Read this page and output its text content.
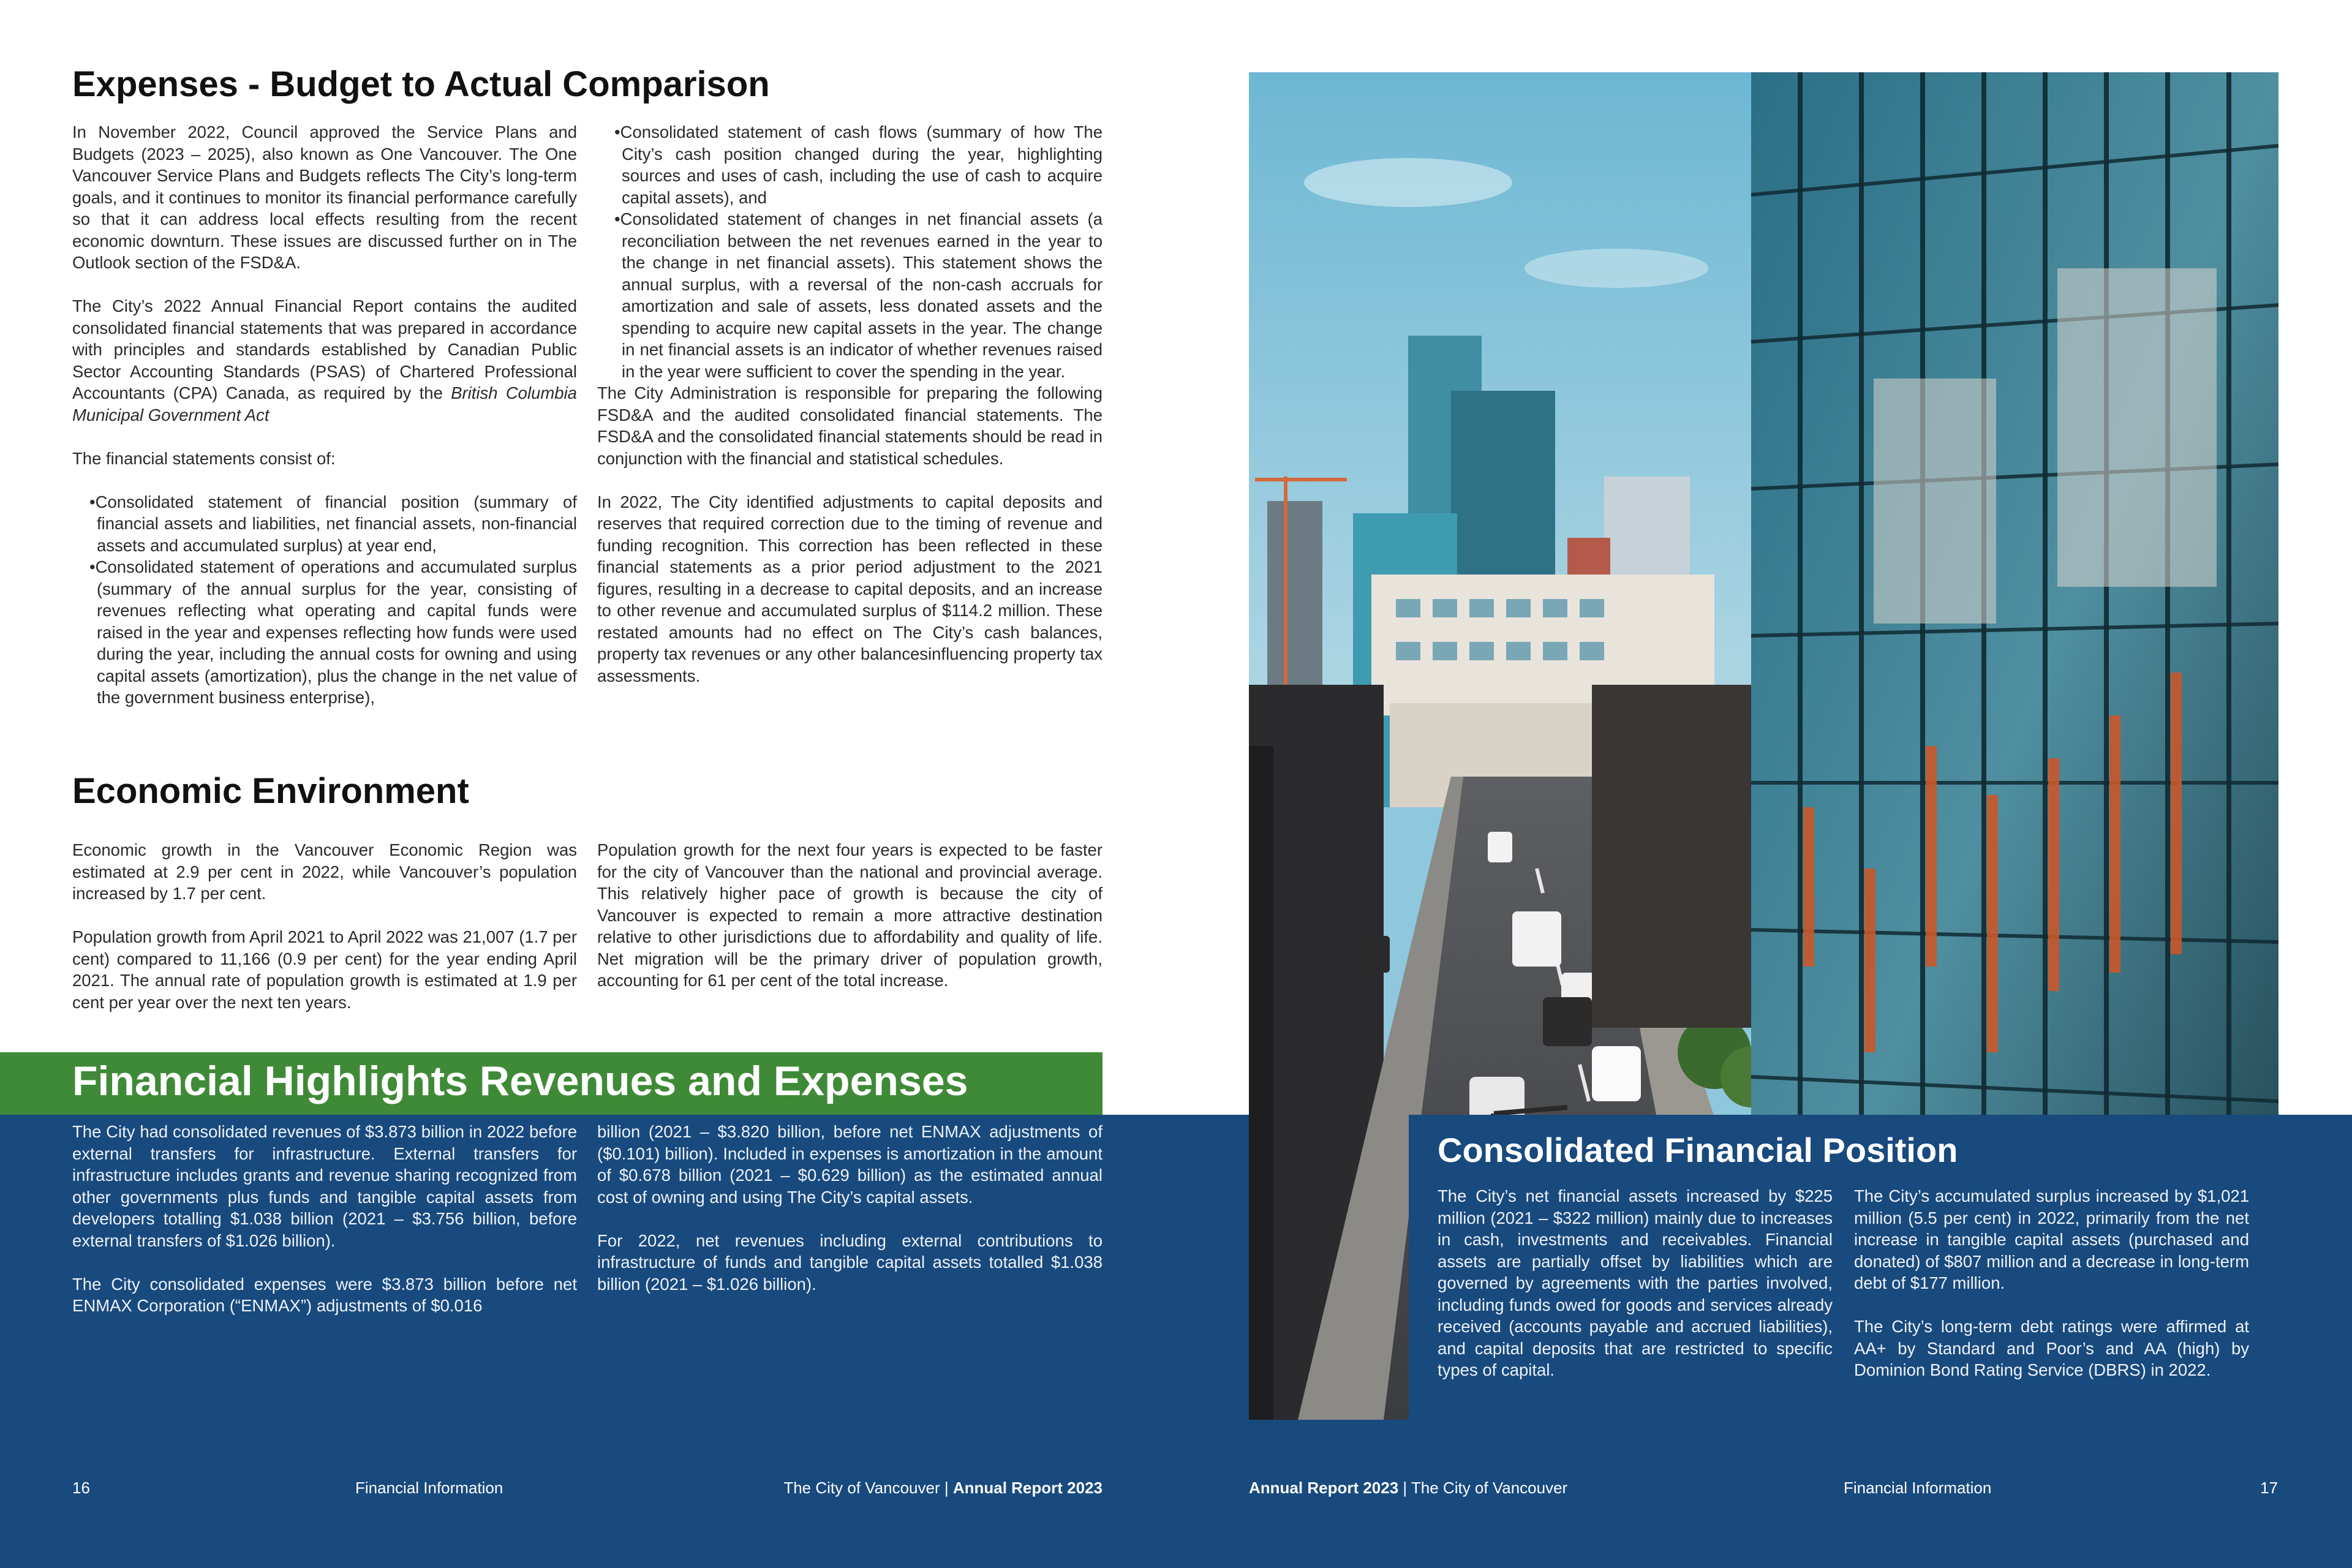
Expenses - Budget to Actual Comparison

In November 2022, Council approved the Service Plans and Budgets (2023 – 2025), also known as One Vancouver. The One Vancouver Service Plans and Budgets reflects The City’s long-term goals, and it continues to monitor its financial performance carefully so that it can address local effects resulting from the recent economic downturn. These issues are discussed further on in The Outlook section of the FSD&A.

The City’s 2022 Annual Financial Report contains the audited consolidated financial statements that was prepared in accordance with principles and standards established by Canadian Public Sector Accounting Standards (PSAS) of Chartered Professional Accountants (CPA) Canada, as required by the British Columbia Municipal Government Act

The financial statements consist of:

• Consolidated statement of financial position (summary of financial assets and liabilities, net financial assets, non-financial assets and accumulated surplus) at year end,

• Consolidated statement of operations and accumulated surplus (summary of the annual surplus for the year, consisting of revenues reflecting what operating and capital funds were raised in the year and expenses reflecting how funds were used during the year, including the annual costs for owning and using capital assets (amortization), plus the change in the net value of the government business enterprise),

• Consolidated statement of cash flows (summary of how The City’s cash position changed during the year, highlighting sources and uses of cash, including the use of cash to acquire capital assets), and

• Consolidated statement of changes in net financial assets (a reconciliation between the net revenues earned in the year to the change in net financial assets). This statement shows the annual surplus, with a reversal of the non-cash accruals for amortization and sale of assets, less donated assets and the spending to acquire new capital assets in the year. The change in net financial assets is an indicator of whether revenues raised in the year were sufficient to cover the spending in the year.

The City Administration is responsible for preparing the following FSD&A and the audited consolidated financial statements. The FSD&A and the consolidated financial statements should be read in conjunction with the financial and statistical schedules.

In 2022, The City identified adjustments to capital deposits and reserves that required correction due to the timing of revenue and funding recognition. This correction has been reflected in these financial statements as a prior period adjustment to the 2021 figures, resulting in a decrease to capital deposits, and an increase to other revenue and accumulated surplus of $114.2 million. These restated amounts had no effect on The City’s cash balances, property tax revenues or any other balancesinfluencing property tax assessments.

Economic Environment

Economic growth in the Vancouver Economic Region was estimated at 2.9 per cent in 2022, while Vancouver’s population increased by 1.7 per cent.

Population growth from April 2021 to April 2022 was 21,007 (1.7 per cent) compared to 11,166 (0.9 per cent) for the year ending April 2021. The annual rate of population growth is estimated at 1.9 per cent per year over the next ten years.

Population growth for the next four years is expected to be faster for the city of Vancouver than the national and provincial average. This relatively higher pace of growth is because the city of Vancouver is expected to remain a more attractive destination relative to other jurisdictions due to affordability and quality of life. Net migration will be the primary driver of population growth, accounting for 61 per cent of the total increase.

Financial Highlights Revenues and Expenses

The City had consolidated revenues of $3.873 billion in 2022 before external transfers for infrastructure. External transfers for infrastructure includes grants and revenue sharing recognized from other governments plus funds and tangible capital assets from developers totalling $1.038 billion (2021 – $3.756 billion, before external transfers of $1.026 billion).

The City consolidated expenses were $3.873 billion before net ENMAX Corporation (“ENMAX”) adjustments of $0.016

billion (2021 – $3.820 billion, before net ENMAX adjustments of ($0.101) billion). Included in expenses is amortization in the amount of $0.678 billion (2021 – $0.629 billion) as the estimated annual cost of owning and using The City’s capital assets.

For 2022, net revenues including external contributions to infrastructure of funds and tangible capital assets totalled $1.038 billion (2021 – $1.026 billion).

16	Financial Information	The City of Vancouver | Annual Report 2023
Consolidated Financial Position

The City’s net financial assets increased by $225 million (2021 – $322 million) mainly due to increases in cash, investments and receivables. Financial assets are partially offset by liabilities which are governed by agreements with the parties involved, including funds owed for goods and services already received (accounts payable and accrued liabilities), and capital deposits that are restricted to specific types of capital.

The City’s accumulated surplus increased by $1,021 million (5.5 per cent) in 2022, primarily from the net increase in tangible capital assets (purchased and donated) of $807 million and a decrease in long-term debt of $177 million.

The City’s long-term debt ratings were affirmed at AA+ by Standard and Poor’s and AA (high) by Dominion Bond Rating Service (DBRS) in 2022.

Annual Report 2023 | The City of Vancouver	Financial Information	17
